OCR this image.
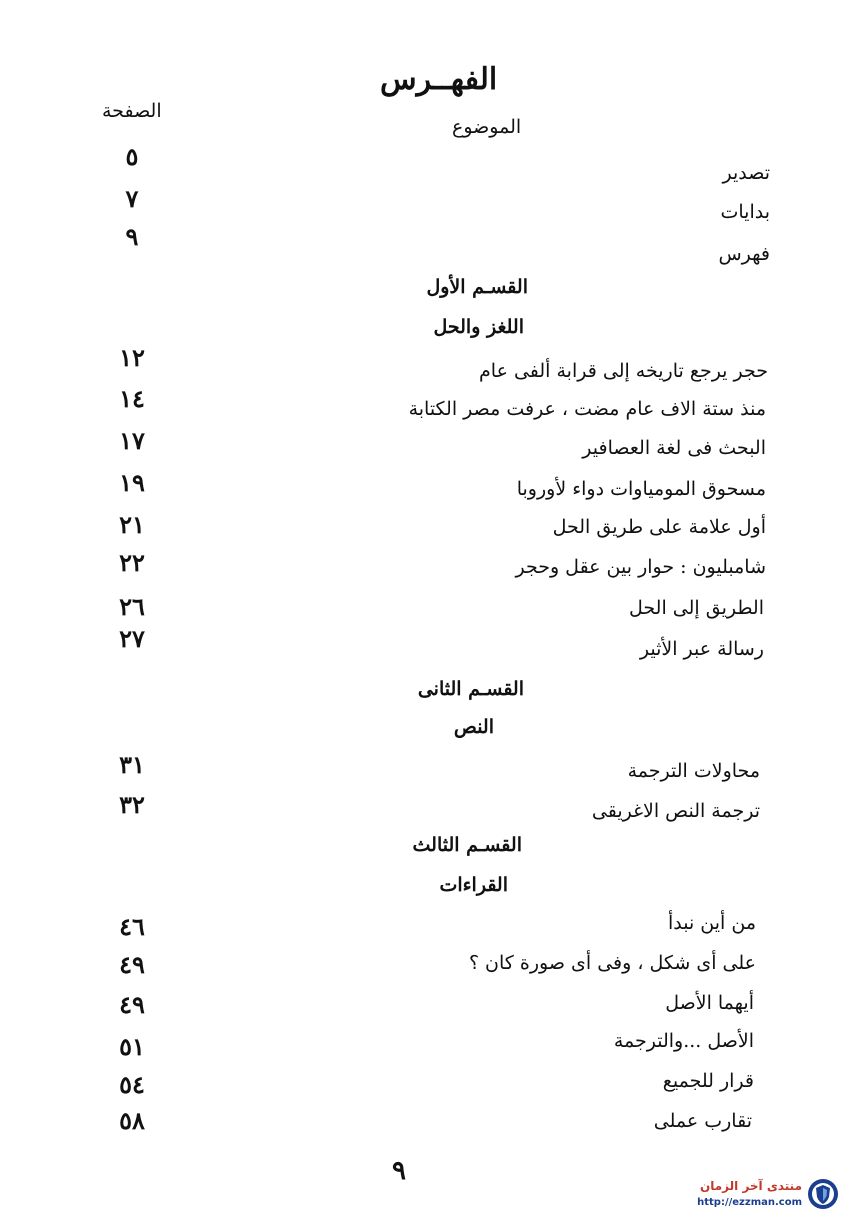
الفهــرس
الصفحة
الموضوع
تصدير
٥
بدايات
٧
فهرس
٩
القسـم الأول
اللغز والحل
حجر يرجع تاريخه إلى قرابة ألفى عام
١٢
منذ ستة الاف عام مضت ، عرفت مصر الكتابة
١٤
البحث فى لغة العصافير
١٧
مسحوق المومياوات دواء لأوروبا
١٩
أول علامة على طريق الحل
٢١
شامبليون : حوار بين عقل وحجر
٢٢
الطريق إلى الحل
٢٦
رسالة عبر الأثير
٢٧
القسـم الثانى
النص
محاولات الترجمة
٣١
ترجمة النص الاغريقى
٣٢
القسـم الثالث
القراءات
من أين نبدأ
٤٦
على أى شكل ، وفى أى صورة كان ؟
٤٩
أيهما الأصل
٤٩
الأصل ...والترجمة
٥١
قرار للجميع
٥٤
تقارب عملى
٥٨
٩	منتدى آخر الزمان
http://ezzman.com
